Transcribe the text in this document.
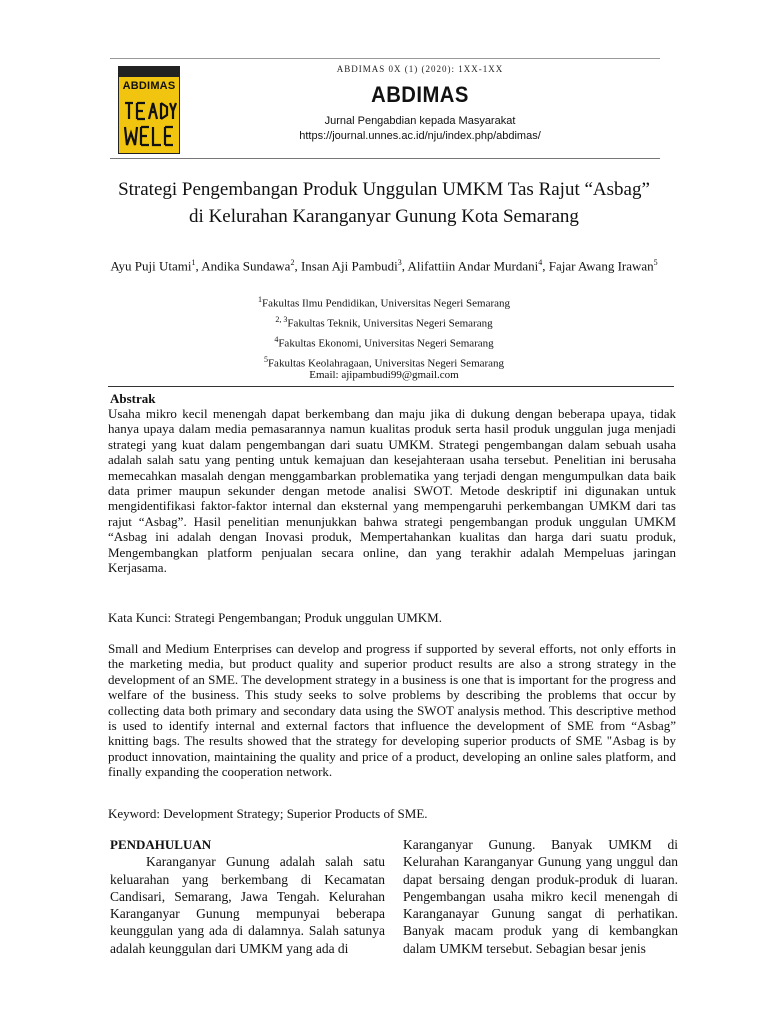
ABDIMAS
ABDIMAS 0X (1) (2020): 1XX-1XX
ABDIMAS
Jurnal Pengabdian kepada Masyarakat
https://journal.unnes.ac.id/nju/index.php/abdimas/
Strategi Pengembangan Produk Unggulan UMKM Tas Rajut “Asbag”
di Kelurahan Karanganyar Gunung Kota Semarang
Ayu Puji Utami$^1$, Andika Sundawa$^2$, Insan Aji Pambudi$^3$, Alifattiin Andar Murdani$^4$, Fajar Awang Irawan$^5$
$^1$Fakultas Ilmu Pendidikan, Universitas Negeri Semarang
$^{2, 3}$Fakultas Teknik, Universitas Negeri Semarang
$^4$Fakultas Ekonomi, Universitas Negeri Semarang
$^5$Fakultas Keolahragaan, Universitas Negeri Semarang
Email: ajipambudi99@gmail.com
Abstrak
Usaha mikro kecil menengah dapat berkembang dan maju jika di dukung dengan beberapa upaya, tidak hanya upaya dalam media pemasarannya namun kualitas produk serta hasil produk unggulan juga menjadi strategi yang kuat dalam pengembangan dari suatu UMKM. Strategi pengembangan dalam sebuah usaha adalah salah satu yang penting untuk kemajuan dan kesejahteraan usaha tersebut. Penelitian ini berusaha memecahkan masalah dengan menggambarkan problematika yang terjadi dengan mengumpulkan data baik data primer maupun sekunder dengan metode analisi SWOT. Metode deskriptif ini digunakan untuk mengidentifikasi faktor-faktor internal dan eksternal yang mempengaruhi perkembangan UMKM dari tas rajut “Asbag”. Hasil penelitian menunjukkan bahwa strategi pengembangan produk unggulan UMKM “Asbag ini adalah dengan Inovasi produk, Mempertahankan kualitas dan harga dari suatu produk, Mengembangkan platform penjualan secara online, dan yang terakhir adalah Mempeluas jaringan Kerjasama.
Kata Kunci: Strategi Pengembangan; Produk unggulan UMKM.
Small and Medium Enterprises can develop and progress if supported by several efforts, not only efforts in the marketing media, but product quality and superior product results are also a strong strategy in the development of an SME. The development strategy in a business is one that is important for the progress and welfare of the business. This study seeks to solve problems by describing the problems that occur by collecting data both primary and secondary data using the SWOT analysis method. This descriptive method is used to identify internal and external factors that influence the development of SME from “Asbag” knitting bags. The results showed that the strategy for developing superior products of SME "Asbag is by product innovation, maintaining the quality and price of a product, developing an online sales platform, and finally expanding the cooperation network.
Keyword: Development Strategy; Superior Products of SME.
PENDAHULUAN
Karanganyar Gunung adalah salah satu keluarahan yang berkembang di Kecamatan Candisari, Semarang, Jawa Tengah. Kelurahan Karanganyar Gunung mempunyai beberapa keunggulan yang ada di dalamnya. Salah satunya adalah keunggulan dari UMKM yang ada di
Karanganyar Gunung. Banyak UMKM di Kelurahan Karanganyar Gunung yang unggul dan dapat bersaing dengan produk-produk di luaran. Pengembangan usaha mikro kecil menengah di Karanganayar Gunung sangat di perhatikan. Banyak macam produk yang di kembangkan dalam UMKM tersebut. Sebagian besar jenis
